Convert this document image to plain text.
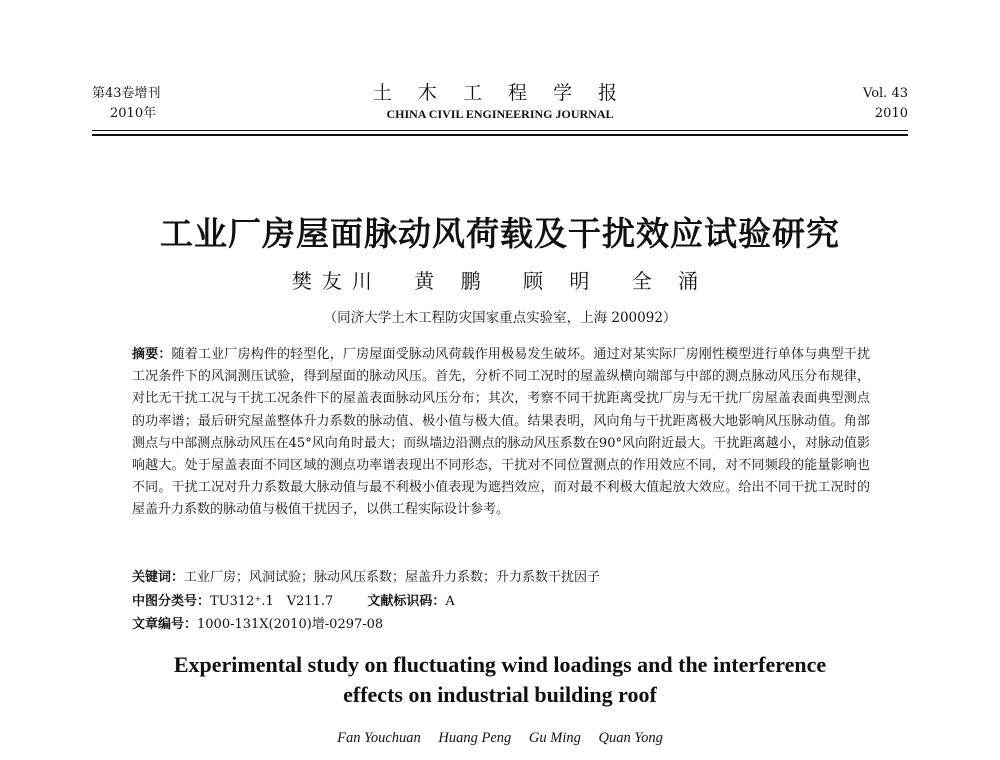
第43卷增刊
2010年
土 木 工 程 学 报
CHINA CIVIL ENGINEERING JOURNAL
Vol. 43
2010
工业厂房屋面脉动风荷载及干扰效应试验研究
樊友川 黄 鹏 顾 明 全 涌
（同济大学土木工程防灾国家重点实验室，上海 200092）
摘要：随着工业厂房构件的轻型化，厂房屋面受脉动风荷载作用极易发生破坏。通过对某实际厂房刚性模型进行单体与典型干扰工况条件下的风洞测压试验，得到屋面的脉动风压。首先，分析不同工况时的屋盖纵横向端部与中部的测点脉动风压分布规律，对比无干扰工况与干扰工况条件下的屋盖表面脉动风压分布；其次，考察不同干扰距离受扰厂房与无干扰厂房屋盖表面典型测点的功率谱；最后研究屋盖整体升力系数的脉动值、极小值与极大值。结果表明，风向角与干扰距离极大地影响风压脉动值。角部测点与中部测点脉动风压在45°风向角时最大；而纵墙边沿测点的脉动风压系数在90°风向附近最大。干扰距离越小，对脉动值影响越大。处于屋盖表面不同区域的测点功率谱表现出不同形态，干扰对不同位置测点的作用效应不同，对不同频段的能量影响也不同。干扰工况对升力系数最大脉动值与最不利极小值表现为遮挡效应，而对最不利极大值起放大效应。给出不同干扰工况时的屋盖升力系数的脉动值与极值干扰因子，以供工程实际设计参考。
关键词：工业厂房；风洞试验；脉动风压系数；屋盖升力系数；升力系数干扰因子
中图分类号：TU312⁺.1　V211.7	文献标识码：A
文章编号：1000-131X(2010)增-0297-08
Experimental study on fluctuating wind loadings and the interference
effects on industrial building roof
Fan Youchuan Huang Peng Gu Ming Quan Yong
